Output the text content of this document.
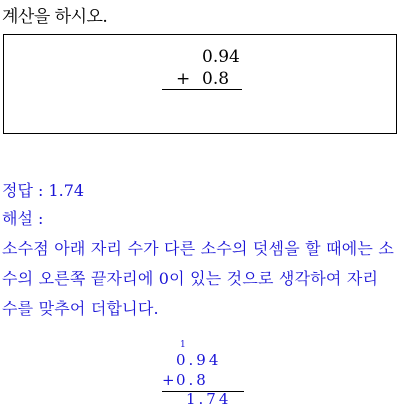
계산을 하시오.
0.94
+ 0.8
정답 : 1.74
해설 :
소수점 아래 자리 수가 다른 소수의 덧셈을 할 때에는 소수의 오른쪽 끝자리에 0이 있는 것으로 생각하여 자리 수를 맞추어 더합니다.
1
0.94
+
0.8
1.74
